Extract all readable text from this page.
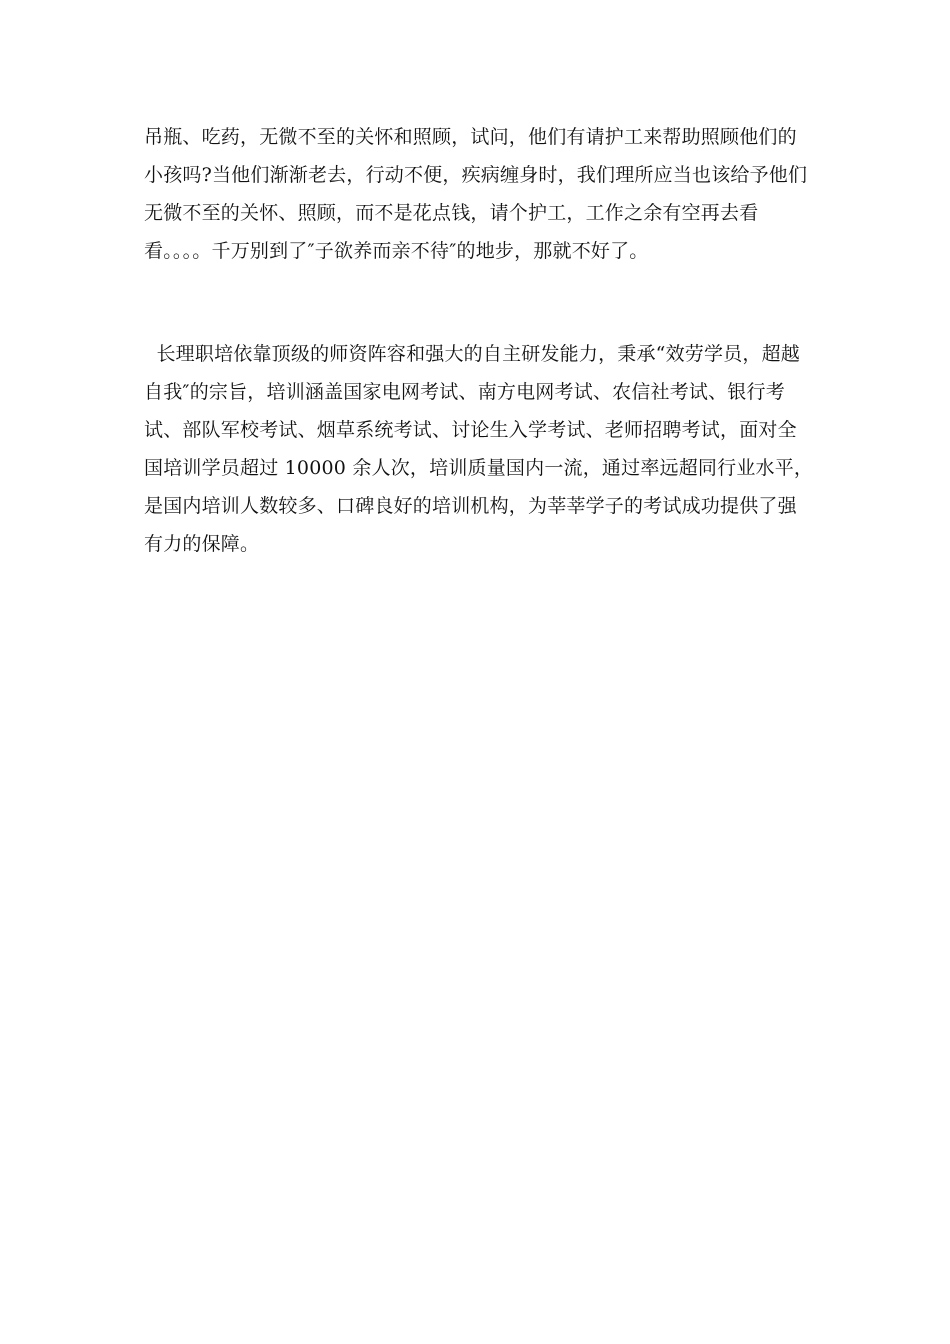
吊瓶、吃药，无微不至的关怀和照顾，试问，他们有请护工来帮助照顾他们的
小孩吗?当他们渐渐老去，行动不便，疾病缠身时，我们理所应当也该给予他们
无微不至的关怀、照顾，而不是花点钱，请个护工，工作之余有空再去看
看。。。。千万别到了″子欲养而亲不待″的地步，那就不好了。
长理职培依靠顶级的师资阵容和强大的自主研发能力，秉承“效劳学员，超越
自我″的宗旨，培训涵盖国家电网考试、南方电网考试、农信社考试、银行考
试、部队军校考试、烟草系统考试、讨论生入学考试、老师招聘考试，面对全
国培训学员超过 10000 余人次，培训质量国内一流，通过率远超同行业水平，
是国内培训人数较多、口碑良好的培训机构，为莘莘学子的考试成功提供了强
有力的保障。
